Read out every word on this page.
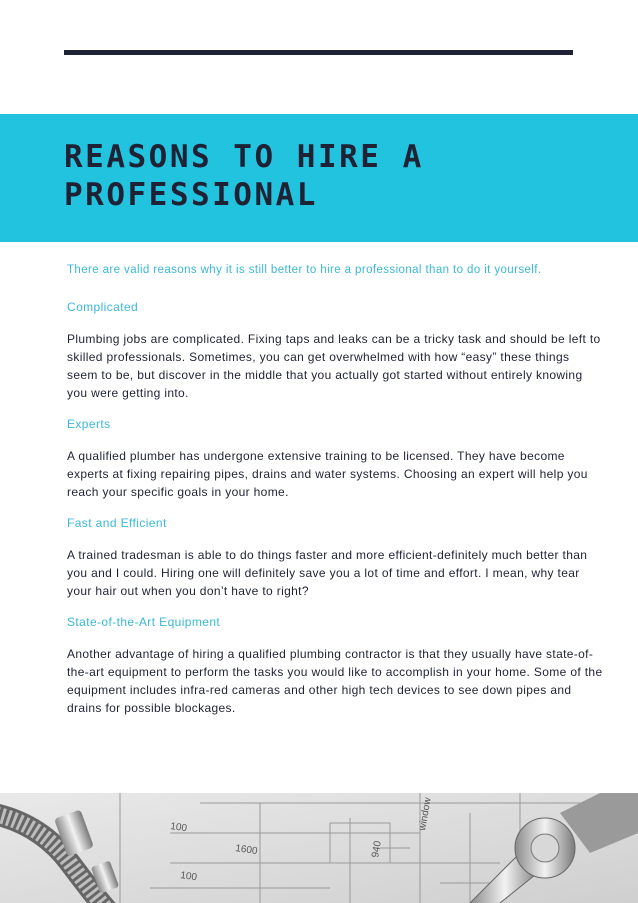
REASONS TO HIRE A
PROFESSIONAL

There are valid reasons why it is still better to hire a professional than to do it yourself.

Complicated

Plumbing jobs are complicated. Fixing taps and leaks can be a tricky task and should be left to skilled professionals. Sometimes, you can get overwhelmed with how “easy” these things seem to be, but discover in the middle that you actually got started without entirely knowing you were getting into.

Experts

A qualified plumber has undergone extensive training to be licensed. They have become experts at fixing repairing pipes, drains and water systems. Choosing an expert will help you reach your specific goals in your home.

Fast and Efficient

A trained tradesman is able to do things faster and more efficient-definitely much better than you and I could. Hiring one will definitely save you a lot of time and effort. I mean, why tear your hair out when you don’t have to right?

State-of-the-Art Equipment

Another advantage of hiring a qualified plumbing contractor is that they usually have state-of-the-art equipment to perform the tasks you would like to accomplish in your home. Some of the equipment includes infra-red cameras and other high tech devices to see down pipes and drains for possible blockages.

100
100
1600	940
window
